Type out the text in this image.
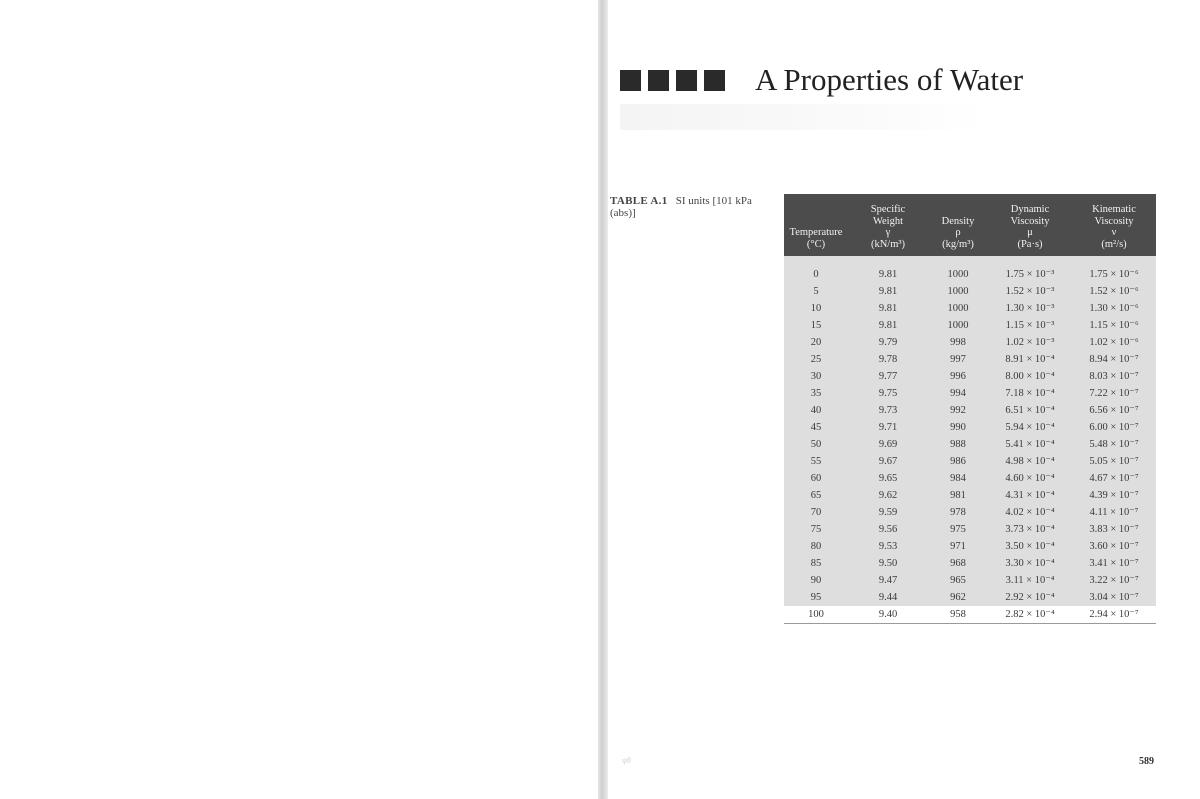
A Properties of Water
TABLE A.1 SI units [101 kPa (abs)]
Temperature
(°C)	Specific
Weight
γ
(kN/m³)	Density
ρ
(kg/m³)	Dynamic
Viscosity
μ
(Pa·s)	Kinematic
Viscosity
ν
(m²/s)

0	9.81	1000	1.75 × 10⁻³	1.75 × 10⁻⁶
5	9.81	1000	1.52 × 10⁻³	1.52 × 10⁻⁶
10	9.81	1000	1.30 × 10⁻³	1.30 × 10⁻⁶
15	9.81	1000	1.15 × 10⁻³	1.15 × 10⁻⁶
20	9.79	998	1.02 × 10⁻³	1.02 × 10⁻⁶
25	9.78	997	8.91 × 10⁻⁴	8.94 × 10⁻⁷
30	9.77	996	8.00 × 10⁻⁴	8.03 × 10⁻⁷
35	9.75	994	7.18 × 10⁻⁴	7.22 × 10⁻⁷
40	9.73	992	6.51 × 10⁻⁴	6.56 × 10⁻⁷
45	9.71	990	5.94 × 10⁻⁴	6.00 × 10⁻⁷
50	9.69	988	5.41 × 10⁻⁴	5.48 × 10⁻⁷
55	9.67	986	4.98 × 10⁻⁴	5.05 × 10⁻⁷
60	9.65	984	4.60 × 10⁻⁴	4.67 × 10⁻⁷
65	9.62	981	4.31 × 10⁻⁴	4.39 × 10⁻⁷
70	9.59	978	4.02 × 10⁻⁴	4.11 × 10⁻⁷
75	9.56	975	3.73 × 10⁻⁴	3.83 × 10⁻⁷
80	9.53	971	3.50 × 10⁻⁴	3.60 × 10⁻⁷
85	9.50	968	3.30 × 10⁻⁴	3.41 × 10⁻⁷
90	9.47	965	3.11 × 10⁻⁴	3.22 × 10⁻⁷
95	9.44	962	2.92 × 10⁻⁴	3.04 × 10⁻⁷
100	9.40	958	2.82 × 10⁻⁴	2.94 × 10⁻⁷
ψθ	589
